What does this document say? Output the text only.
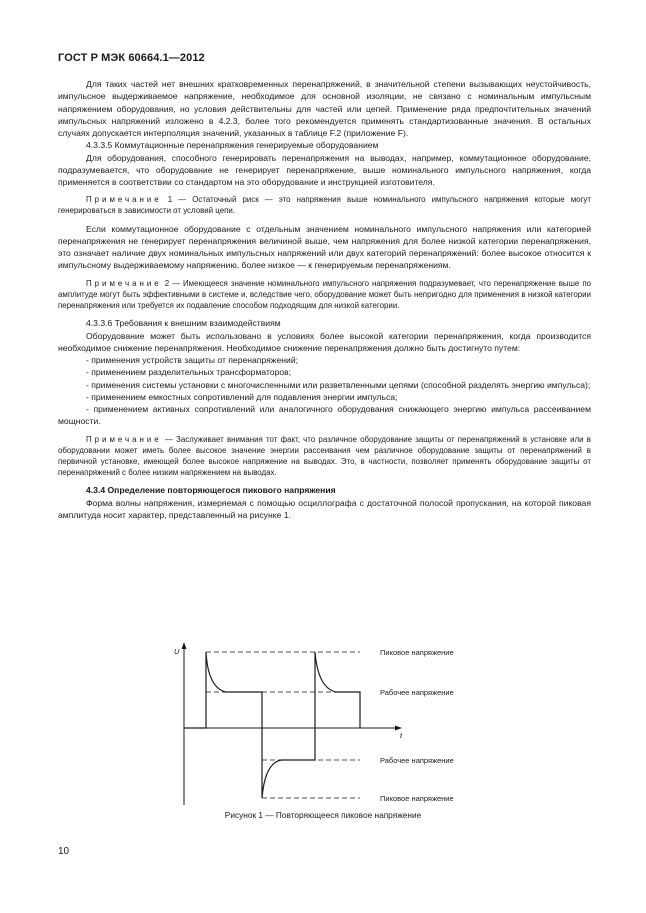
ГОСТ Р МЭК 60664.1—2012

Для таких частей нет внешних кратковременных перенапряжений, в значительной степени вызывающих неустойчивость, импульсное выдерживаемое напряжение, необходимое для основной изоляции, не связано с номинальным импульсным напряжением оборудования, но условия действительны для частей или цепей. Применение ряда предпочтительных значений импульсных напряжений изложено в 4.2.3, более того рекомендуется применять стандартизованные значения. В остальных случаях допускается интерполяция значений, указанных в таблице F.2 (приложение F).

4.3.3.5 Коммутационные перенапряжения генерируемые оборудованием

Для оборудования, способного генерировать перенапряжения на выводах, например, коммутационное оборудование, подразумевается, что оборудование не генерирует перенапряжение, выше номинального импульсного напряжения, когда применяется в соответствии со стандартом на это оборудование и инструкцией изготовителя.

Примечание 1 — Остаточный риск — это напряжения выше номинального импульсного напряжения которые могут генерироваться в зависимости от условий цепи.

Если коммутационное оборудование с отдельным значением номинального импульсного напряжения или категорией перенапряжения не генерирует перенапряжения величиной выше, чем напряжения для более низкой категории перенапряжения, это означает наличие двух номинальных импульсных напряжений или двух категорий перенапряжений: более высокое относится к импульсному выдерживаемому напряжению, более низкое — к генерируемым перенапряжениям.

Примечание 2 — Имеющееся значение номинального импульсного напряжения подразумевает, что перенапряжение выше по амплитуде могут быть эффективными в системе и, вследствие чего, оборудование может быть непригодно для применения в низкой категории перенапряжения или требуется их подавление способом подходящим для низкой категории.

4.3.3.6 Требования к внешним взаимодействиям

Оборудование может быть использовано в условиях более высокой категории перенапряжения, когда производится необходимое снижение перенапряжения. Необходимое снижение перенапряжения должно быть достигнуто путем:

- применения устройств защиты от перенапряжений;

- применением разделительных трансформаторов;

- применения системы установки с многочисленными или разветвленными цепями (способной разделять энергию импульса);

- применением емкостных сопротивлений для подавления энергии импульса;

- применением активных сопротивлений или аналогичного оборудования снижающего энергию импульса рассеиванием мощности.

Примечание — Заслуживает внимания тот факт, что различное оборудование защиты от перенапряжений в установке или в оборудовании может иметь более высокое значение энергии рассеивания чем различное оборудование защиты от перенапряжений в первичной установке, имеющей более высокое напряжение на выводах. Это, в частности, позволяет применять оборудование защиты от перенапряжений с более низким напряжением на выводах.

4.3.4 Определение повторяющегося пикового напряжения

Форма волны напряжения, измеряемая с помощью осциллографа с достаточной полосой пропускания, на которой пиковая амплитуда носит характер, представленный на рисунке 1.

U
t
Пиковое напряжение
Рабочее напряжение
Рабочее напряжение
Пиковое напряжение
Рисунок 1 — Повторяющееся пиковое напряжение
10
